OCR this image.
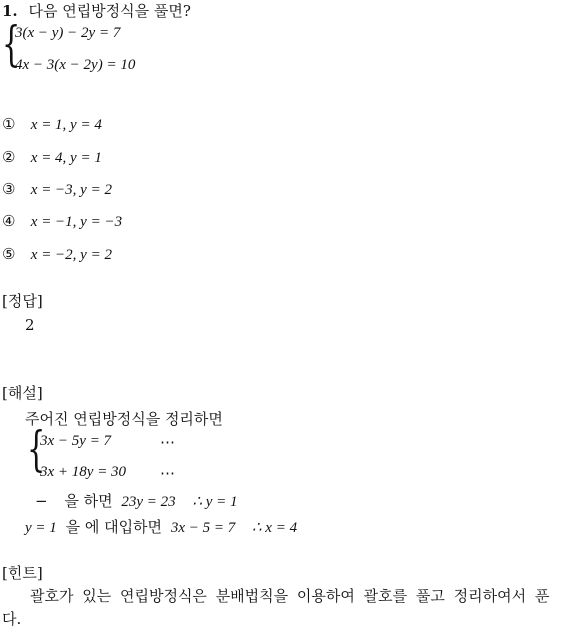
1. 다음 연립방정식을 풀면?
{
3(x − y) − 2y = 7
4x − 3(x − 2y) = 10
① x = 1, y = 4
② x = 4, y = 1
③ x = −3, y = 2
④ x = −1, y = −3
⑤ x = −2, y = 2
[정답]
2
[해설]
주어진 연립방정식을 정리하면
{
3x − 5y = 7	⋯
3x + 18y = 30 ⋯
− 을 하면 23y = 23 ∴ y = 1
y = 1 을 에 대입하면 3x − 5 = 7 ∴ x = 4
[힌트]
괄호가 있는 연립방정식은 분배법칙을 이용하여 괄호를 풀고 정리하여서 푼다.
